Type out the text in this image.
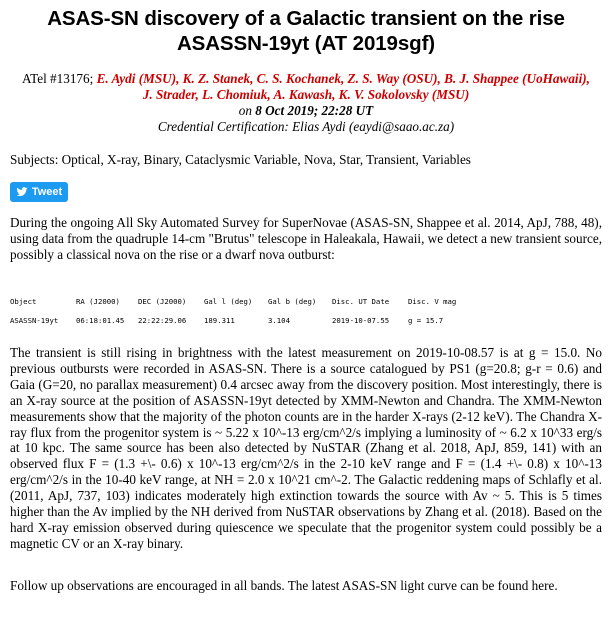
ASAS-SN discovery of a Galactic transient on the rise ASASSN-19yt (AT 2019sgf)
ATel #13176; E. Aydi (MSU), K. Z. Stanek, C. S. Kochanek, Z. S. Way (OSU), B. J. Shappee (UoHawaii), J. Strader, L. Chomiuk, A. Kawash, K. V. Sokolovsky (MSU)
on 8 Oct 2019; 22:28 UT
Credential Certification: Elias Aydi (eaydi@saao.ac.za)
Subjects: Optical, X-ray, Binary, Cataclysmic Variable, Nova, Star, Transient, Variables
Tweet

During the ongoing All Sky Automated Survey for SuperNovae (ASAS-SN, Shappee et al. 2014, ApJ, 788, 48), using data from the quadruple 14-cm "Brutus" telescope in Haleakala, Hawaii, we detect a new transient source, possibly a classical nova on the rise or a dwarf nova outburst:

Object	RA (J2000)	DEC (J2000)	Gal l (deg)	Gal b (deg)	Disc. UT Date	Disc. V mag
ASASSN-19yt	06:18:01.45	22:22:29.06	189.311	3.104	2019-10-07.55	g = 15.7

The transient is still rising in brightness with the latest measurement on 2019-10-08.57 is at g = 15.0. No previous outbursts were recorded in ASAS-SN. There is a source catalogued by PS1 (g=20.8; g-r = 0.6) and Gaia (G=20, no parallax measurement) 0.4 arcsec away from the discovery position. Most interestingly, there is an X-ray source at the position of ASASSN-19yt detected by XMM-Newton and Chandra. The XMM-Newton measurements show that the majority of the photon counts are in the harder X-rays (2-12 keV). The Chandra X-ray flux from the progenitor system is ~ 5.22 x 10^-13 erg/cm^2/s implying a luminosity of ~ 6.2 x 10^33 erg/s at 10 kpc. The same source has been also detected by NuSTAR (Zhang et al. 2018, ApJ, 859, 141) with an observed flux F = (1.3 +\- 0.6) x 10^-13 erg/cm^2/s in the 2-10 keV range and F = (1.4 +\- 0.8) x 10^-13 erg/cm^2/s in the 10-40 keV range, at NH = 2.0 x 10^21 cm^-2. The Galactic reddening maps of Schlafly et al. (2011, ApJ, 737, 103) indicates moderately high extinction towards the source with Av ~ 5. This is 5 times higher than the Av implied by the NH derived from NuSTAR observations by Zhang et al. (2018). Based on the hard X-ray emission observed during quiescence we speculate that the progenitor system could possibly be a magnetic CV or an X-ray binary.

Follow up observations are encouraged in all bands. The latest ASAS-SN light curve can be found here.
